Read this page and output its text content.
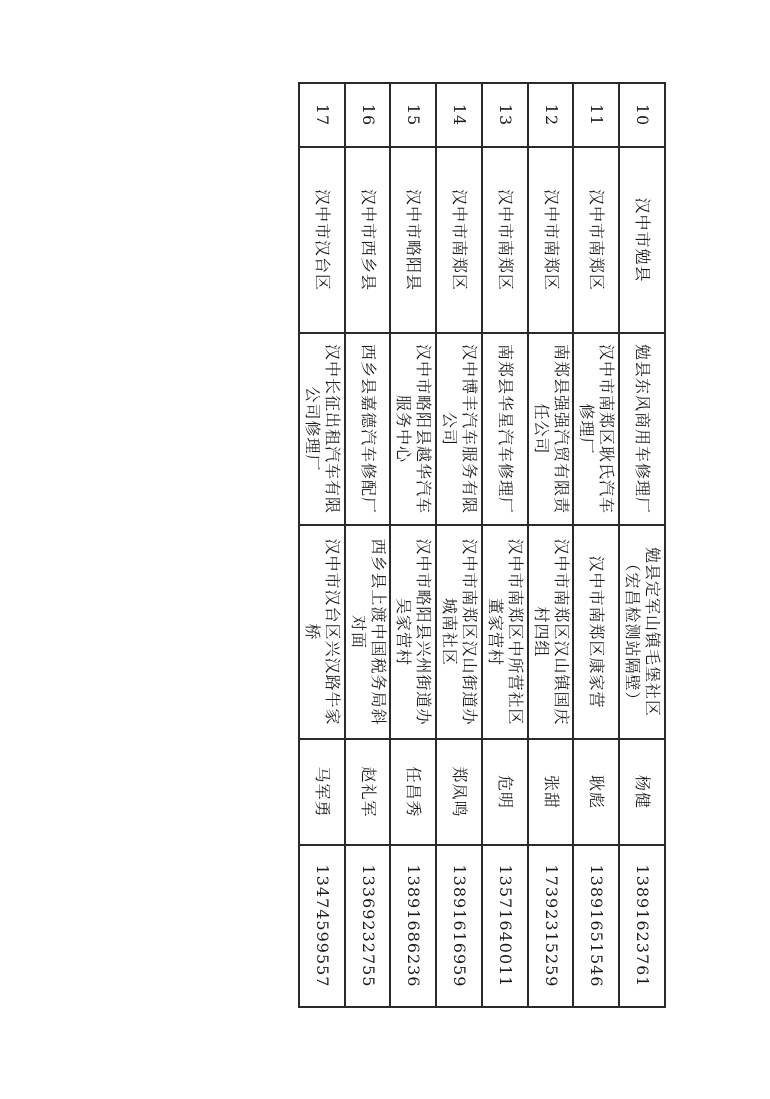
10	汉中市勉县	勉县东风商用车修理厂	勉县定军山镇毛堡社区（宏昌检测站隔壁）	杨健	13891623761
11	汉中市南郑区	汉中市南郑区耿氏汽车修理厂	汉中市南郑区康家营	耿彪	13891651546
12	汉中市南郑区	南郑县强强汽贸有限责任公司	汉中市南郑区汉山镇国庆村四组	张甜	17392315259
13	汉中市南郑区	南郑县华星汽车修理厂	汉中市南郑区中所营社区董家营村	危明	13571640011
14	汉中市南郑区	汉中博丰汽车服务有限公司	汉中市南郑区汉山街道办城南社区	郑凤鸣	13891616959
15	汉中市略阳县	汉中市略阳县越华汽车服务中心	汉中市略阳县兴州街道办吴家营村	任昌秀	13891686236
16	汉中市西乡县	西乡县嘉德汽车修配厂	西乡县上渡中国税务局斜对面	赵礼军	13369232755
17	汉中市汉台区	汉中长征出租汽车有限公司修理厂	汉中市汉台区兴汉路牛家桥	马军勇	13474599557
